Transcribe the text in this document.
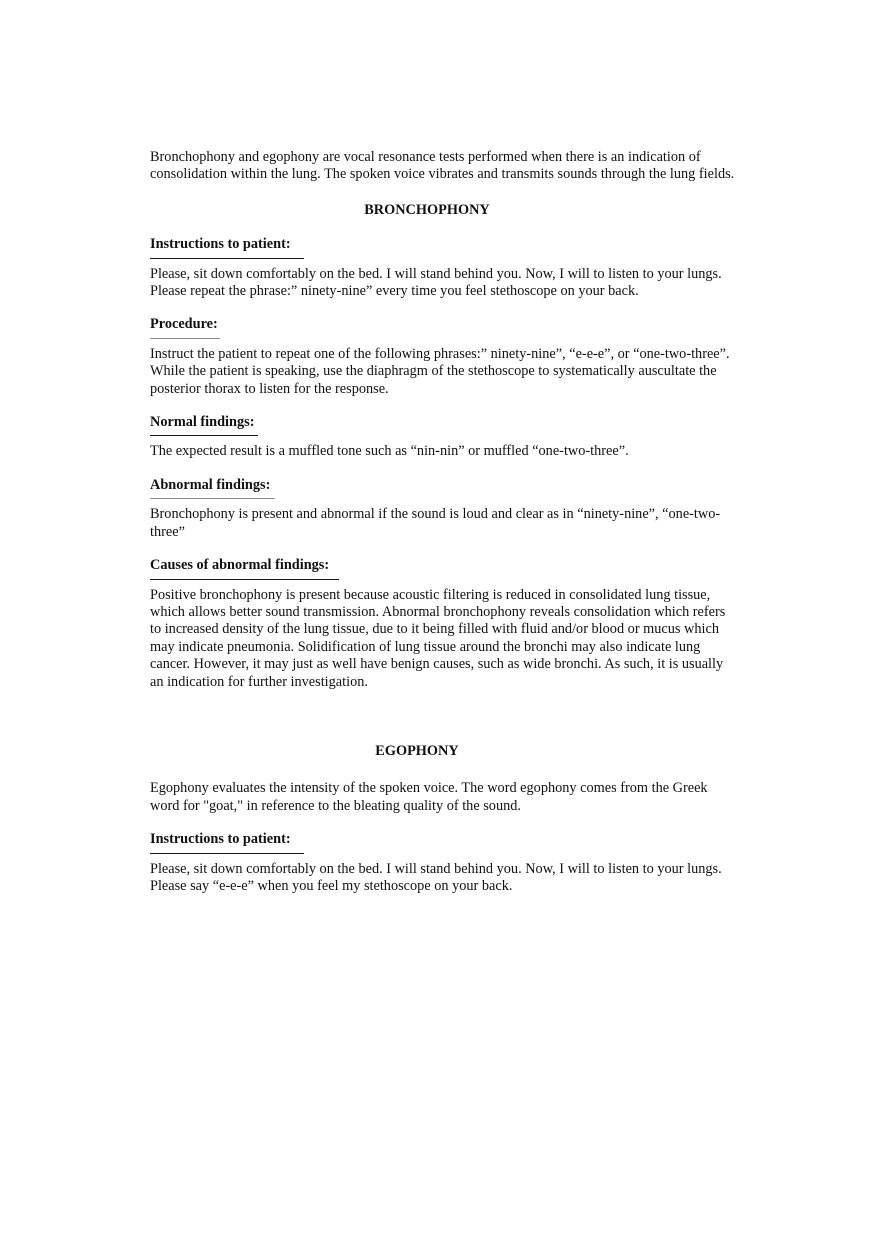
Bronchophony and egophony are vocal resonance tests performed when there is an indication of consolidation within the lung. The spoken voice vibrates and transmits sounds through the lung fields.

BRONCHOPHONY

Instructions to patient:

Please, sit down comfortably on the bed. I will stand behind you. Now, I will to listen to your lungs. Please repeat the phrase:” ninety-nine” every time you feel stethoscope on your back.

Procedure:

Instruct the patient to repeat one of the following phrases:” ninety-nine”, “e-e-e”, or “one-two-three”. While the patient is speaking, use the diaphragm of the stethoscope to systematically auscultate the posterior thorax to listen for the response.

Normal findings:

The expected result is a muffled tone such as “nin-nin” or muffled “one-two-three”.

Abnormal findings:

Bronchophony is present and abnormal if the sound is loud and clear as in “ninety-nine”, “one-two-three”

Causes of abnormal findings:

Positive bronchophony is present because acoustic filtering is reduced in consolidated lung tissue, which allows better sound transmission. Abnormal bronchophony reveals consolidation which refers to increased density of the lung tissue, due to it being filled with fluid and/or blood or mucus which may indicate pneumonia. Solidification of lung tissue around the bronchi may also indicate lung cancer. However, it may just as well have benign causes, such as wide bronchi. As such, it is usually an indication for further investigation.

EGOPHONY

Egophony evaluates the intensity of the spoken voice. The word egophony comes from the Greek word for "goat," in reference to the bleating quality of the sound.

Instructions to patient:

Please, sit down comfortably on the bed. I will stand behind you. Now, I will to listen to your lungs. Please say “e-e-e” when you feel my stethoscope on your back.
